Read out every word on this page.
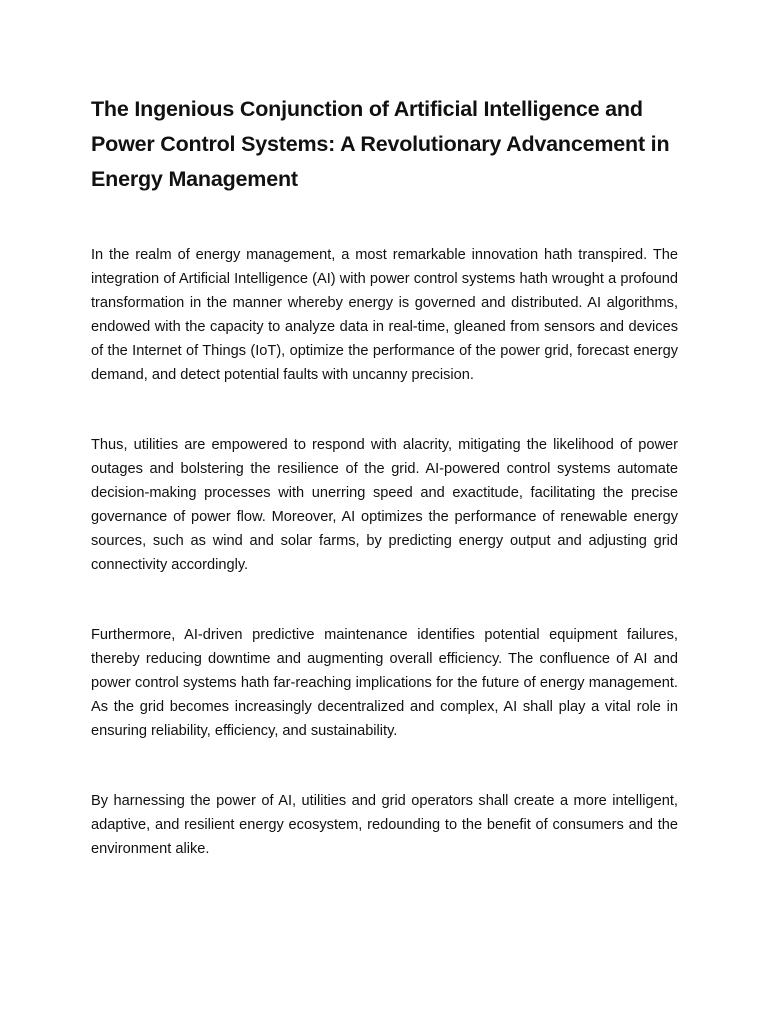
The Ingenious Conjunction of Artificial Intelligence and Power Control Systems: A Revolutionary Advancement in Energy Management

In the realm of energy management, a most remarkable innovation hath transpired. The integration of Artificial Intelligence (AI) with power control systems hath wrought a profound transformation in the manner whereby energy is governed and distributed. AI algorithms, endowed with the capacity to analyze data in real-time, gleaned from sensors and devices of the Internet of Things (IoT), optimize the performance of the power grid, forecast energy demand, and detect potential faults with uncanny precision.

Thus, utilities are empowered to respond with alacrity, mitigating the likelihood of power outages and bolstering the resilience of the grid. AI-powered control systems automate decision-making processes with unerring speed and exactitude, facilitating the precise governance of power flow. Moreover, AI optimizes the performance of renewable energy sources, such as wind and solar farms, by predicting energy output and adjusting grid connectivity accordingly.

Furthermore, AI-driven predictive maintenance identifies potential equipment failures, thereby reducing downtime and augmenting overall efficiency. The confluence of AI and power control systems hath far-reaching implications for the future of energy management. As the grid becomes increasingly decentralized and complex, AI shall play a vital role in ensuring reliability, efficiency, and sustainability.

By harnessing the power of AI, utilities and grid operators shall create a more intelligent, adaptive, and resilient energy ecosystem, redounding to the benefit of consumers and the environment alike.
